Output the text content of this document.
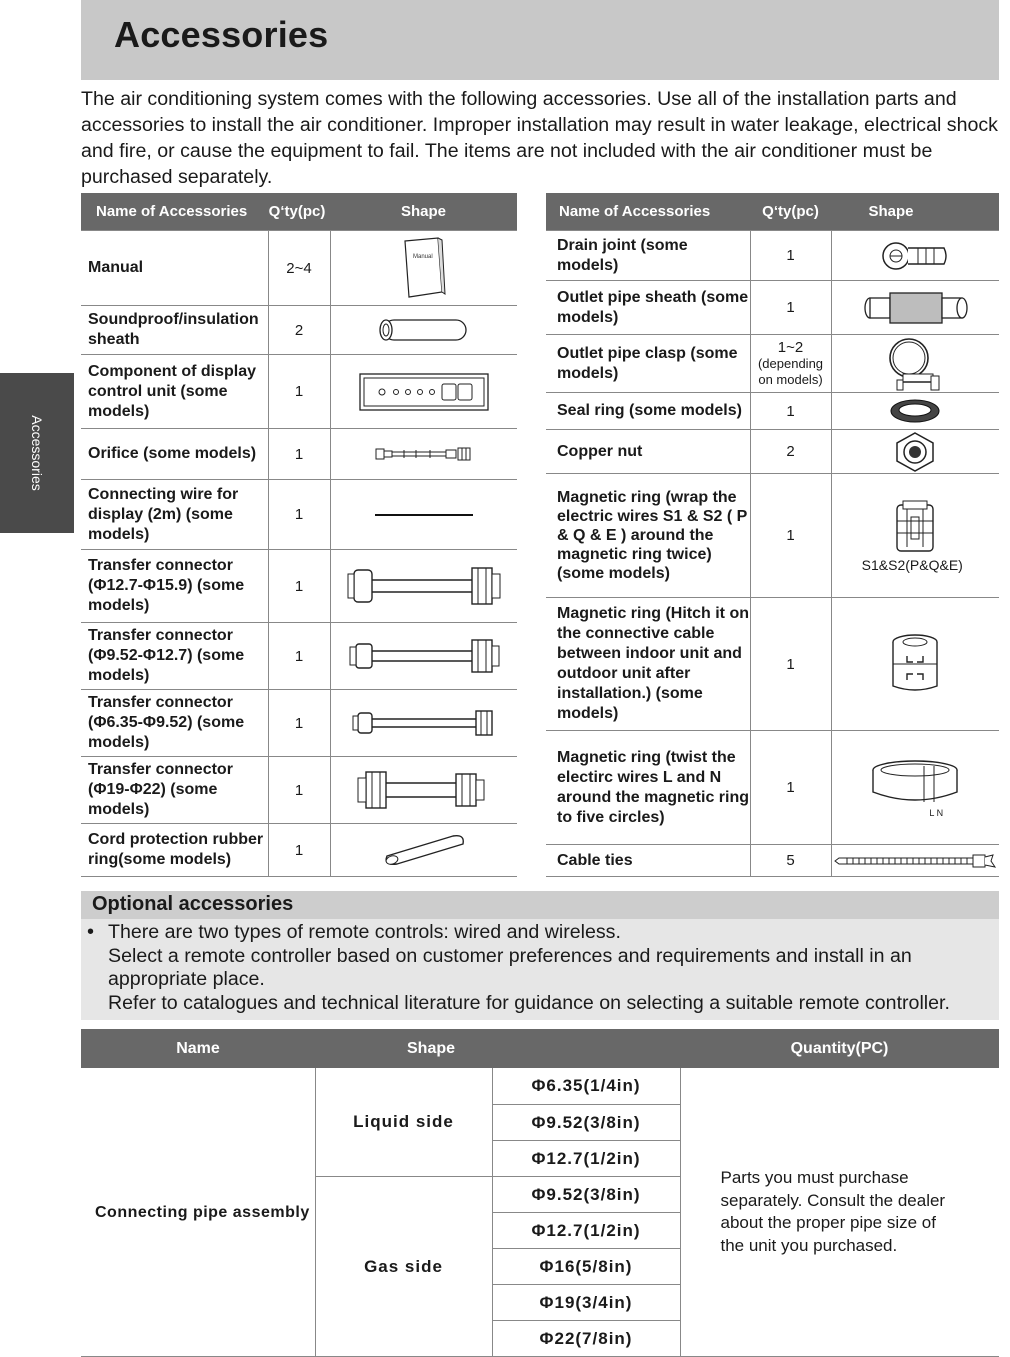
Accessories
The air conditioning system comes with the following accessories. Use all of the installation parts and accessories to install the air conditioner. Improper installation may result in water leakage, electrical shock and fire, or cause the equipment to fail. The items are not included with the air conditioner must be purchased separately.
Accessories
Name of Accessories	Q‘ty(pc)	Shape
Manual	2~4	Manual

Soundproof/insulation sheath	2	

Component of display control unit (some models)	1	

Orifice (some models)	1	

Connecting wire for display (2m) (some models)	1	

Transfer connector (Φ12.7-Φ15.9) (some models)	1	

Transfer connector (Φ9.52-Φ12.7) (some models)	1	

Transfer connector (Φ6.35-Φ9.52) (some models)	1	

Transfer connector (Φ19-Φ22) (some models)	1	

Cord protection rubber ring(some models)	1	
Name of Accessories	Q‘ty(pc)	Shape
Drain joint (some models)	1	

Outlet pipe sheath (some models)	1	

Outlet pipe clasp (some models)	1~2
(depending on models)

Seal ring (some models)	1	

Copper nut	2	

Magnetic ring (wrap the electric wires S1 & S2 ( P & Q & E ) around the magnetic ring twice) (some models)	1	S1&S2(P&Q&E)

Magnetic ring (Hitch it on the connective cable between indoor unit and outdoor unit after installation.) (some models)	1	

Magnetic ring (twist the electirc wires L and N around the magnetic ring to five circles)	1	L N

Cable ties	5	
Optional accessories
• There are two types of remote controls: wired and wireless.
Select a remote controller based on customer preferences and requirements and install in an appropriate place.
Refer to catalogues and technical literature for guidance on selecting a suitable remote controller.

Name	Shape		Quantity(PC)
Connecting pipe assembly	Liquid side	Φ6.35(1/4in)	Parts you must purchase separately. Consult the dealer about the proper pipe size of the unit you purchased.
		Φ9.52(3/8in)	
		Φ12.7(1/2in)	
	Gas side	Φ9.52(3/8in)	
		Φ12.7(1/2in)	
		Φ16(5/8in)	
		Φ19(3/4in)	
		Φ22(7/8in)	
